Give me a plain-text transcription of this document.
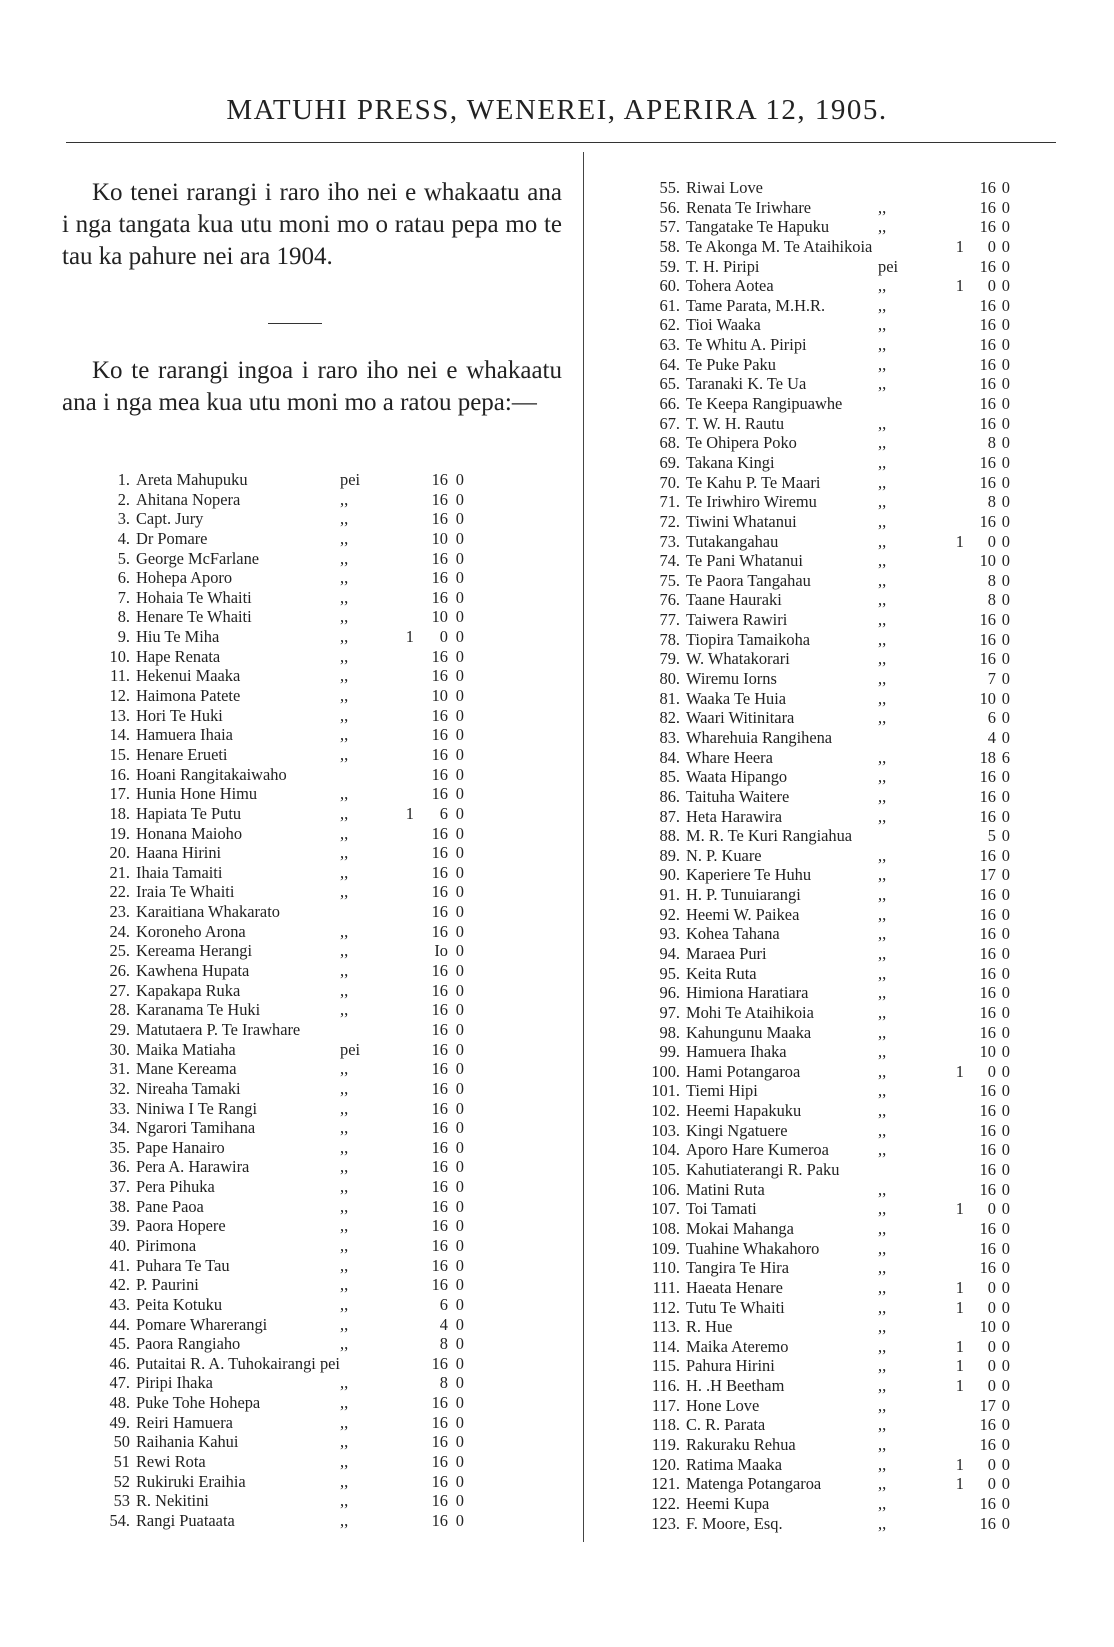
MATUHI PRESS, WENEREI, APERIRA 12, 1905.

Ko tenei rarangi i raro iho nei e whakaatu ana i nga tangata kua utu moni mo o ratau pepa mo te tau ka pahure nei ara 1904.

Ko te rarangi ingoa i raro iho nei e whakaatu ana i nga mea kua utu moni mo a ratou pepa:—

1. Areta Mahupuku	pei	16 0
2. Ahitana Nopera	,,	16 0
3. Capt. Jury	,,	16 0
4. Dr Pomare	,,	10 0
5. George McFarlane	,,	16 0
6. Hohepa Aporo	,,	16 0
7. Hohaia Te Whaiti	,,	16 0
8. Henare Te Whaiti	,,	10 0
9. Hiu Te Miha	,,	1	0 0
10. Hape Renata	,,	16 0
11. Hekenui Maaka	,,	16 0
12. Haimona Patete	,,	10 0
13. Hori Te Huki	,,	16 0
14. Hamuera Ihaia	,,	16 0
15. Henare Erueti	,,	16 0
16. Hoani Rangitakaiwaho	16 0
17. Hunia Hone Himu	,,	16 0
18. Hapiata Te Putu	,,	1	6 0
19. Honana Maioho	,,	16 0
20. Haana Hirini	,,	16 0
21. Ihaia Tamaiti	,,	16 0
22. Iraia Te Whaiti	,,	16 0
23. Karaitiana Whakarato	16 0
24. Koroneho Arona	,,	16 0
25. Kereama Herangi	,,	Io 0
26. Kawhena Hupata	,,	16 0
27. Kapakapa Ruka	,,	16 0
28. Karanama Te Huki	,,	16 0
29. Matutaera P. Te Irawhare	16 0
30. Maika Matiaha	pei	16 0
31. Mane Kereama	,,	16 0
32. Nireaha Tamaki	,,	16 0
33. Niniwa I Te Rangi	,,	16 0
34. Ngarori Tamihana	,,	16 0
35. Pape Hanairo	,,	16 0
36. Pera A. Harawira	,,	16 0
37. Pera Pihuka	,,	16 0
38. Pane Paoa	,,	16 0
39. Paora Hopere	,,	16 0
40. Pirimona	,,	16 0
41. Puhara Te Tau	,,	16 0
42. P. Paurini	,,	16 0
43. Peita Kotuku	,,	6 0
44. Pomare Wharerangi	,,	4 0
45. Paora Rangiaho	,,	8 0
46. Putaitai R. A. Tuhokairangi pei	16 0
47. Piripi Ihaka	,,	8 0
48. Puke Tohe Hohepa	,,	16 0
49. Reiri Hamuera	,,	16 0
50 Raihania Kahui	,,	16 0
51 Rewi Rota	,,	16 0
52 Rukiruki Eraihia	,,	16 0
53 R. Nekitini	,,	16 0
54. Rangi Puataata	,,	16 0
55. Riwai Love	16 0
56. Renata Te Iriwhare	,,	16 0
57. Tangatake Te Hapuku	,,	16 0
58. Te Akonga M. Te Ataihikoia	1	0 0
59. T. H. Piripi	pei	16 0
60. Tohera Aotea	,,	1	0 0
61. Tame Parata, M.H.R.	,,	16 0
62. Tioi Waaka	,,	16 0
63. Te Whitu A. Piripi	,,	16 0
64. Te Puke Paku	,,	16 0
65. Taranaki K. Te Ua	,,	16 0
66. Te Keepa Rangipuawhe	16 0
67. T. W. H. Rautu	,,	16 0
68. Te Ohipera Poko	,,	8 0
69. Takana Kingi	,,	16 0
70. Te Kahu P. Te Maari	,,	16 0
71. Te Iriwhiro Wiremu	,,	8 0
72. Tiwini Whatanui	,,	16 0
73. Tutakangahau	,,	1	0 0
74. Te Pani Whatanui	,,	10 0
75. Te Paora Tangahau	,,	8 0
76. Taane Hauraki	,,	8 0
77. Taiwera Rawiri	,,	16 0
78. Tiopira Tamaikoha	,,	16 0
79. W. Whatakorari	,,	16 0
80. Wiremu Iorns	,,	7 0
81. Waaka Te Huia	,,	10 0
82. Waari Witinitara	,,	6 0
83. Wharehuia Rangihena	4 0
84. Whare Heera	,,	18 6
85. Waata Hipango	,,	16 0
86. Taituha Waitere	,,	16 0
87. Heta Harawira	,,	16 0
88. M. R. Te Kuri Rangiahua	5 0
89. N. P. Kuare	,,	16 0
90. Kaperiere Te Huhu	,,	17 0
91. H. P. Tunuiarangi	,,	16 0
92. Heemi W. Paikea	,,	16 0
93. Kohea Tahana	,,	16 0
94. Maraea Puri	,,	16 0
95. Keita Ruta	,,	16 0
96. Himiona Haratiara	,,	16 0
97. Mohi Te Ataihikoia	,,	16 0
98. Kahungunu Maaka	,,	16 0
99. Hamuera Ihaka	,,	10 0
100. Hami Potangaroa	,,	1	0 0
101. Tiemi Hipi	,,	16 0
102. Heemi Hapakuku	,,	16 0
103. Kingi Ngatuere	,,	16 0
104. Aporo Hare Kumeroa	,,	16 0
105. Kahutiaterangi R. Paku	16 0
106. Matini Ruta	,,	16 0
107. Toi Tamati	,,	1	0 0
108. Mokai Mahanga	,,	16 0
109. Tuahine Whakahoro	,,	16 0
110. Tangira Te Hira	,,	16 0
111. Haeata Henare	,,	1	0 0
112. Tutu Te Whaiti	,,	1	0 0
113. R. Hue	,,	10 0
114. Maika Ateremo	,,	1	0 0
115. Pahura Hirini	,,	1	0 0
116. H. .H Beetham	,,	1	0 0
117. Hone Love	,,	17 0
118. C. R. Parata	,,	16 0
119. Rakuraku Rehua	,,	16 0
120. Ratima Maaka	,,	1	0 0
121. Matenga Potangaroa	,,	1	0 0
122. Heemi Kupa	,,	16 0
123. F. Moore, Esq.	,,	16 0
